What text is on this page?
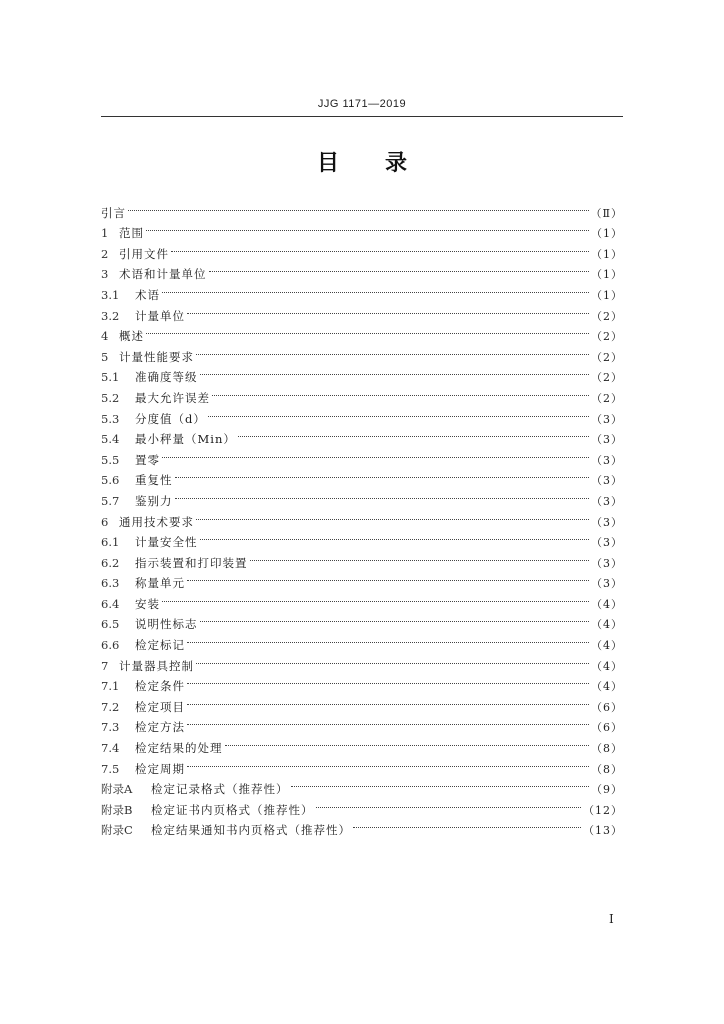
JJG 1171—2019
目录
引言	（Ⅱ）
1 范围	（1）
2 引用文件	（1）
3 术语和计量单位	（1）
3.1	术语	（1）
3.2	计量单位	（2）
4 概述	（2）
5 计量性能要求	（2）
5.1	准确度等级	（2）
5.2	最大允许误差	（2）
5.3	分度值（d）	（3）
5.4	最小秤量（Min）	（3）
5.5	置零	（3）
5.6	重复性	（3）
5.7	鉴别力	（3）
6 通用技术要求	（3）
6.1	计量安全性	（3）
6.2	指示装置和打印装置	（3）
6.3	称量单元	（3）
6.4	安装	（4）
6.5	说明性标志	（4）
6.6	检定标记	（4）
7 计量器具控制	（4）
7.1	检定条件	（4）
7.2	检定项目	（6）
7.3	检定方法	（6）
7.4	检定结果的处理	（8）
7.5	检定周期	（8）
附录A	检定记录格式（推荐性）	（9）
附录B	检定证书内页格式（推荐性）	（12）
附录C	检定结果通知书内页格式（推荐性）	（13）
I
